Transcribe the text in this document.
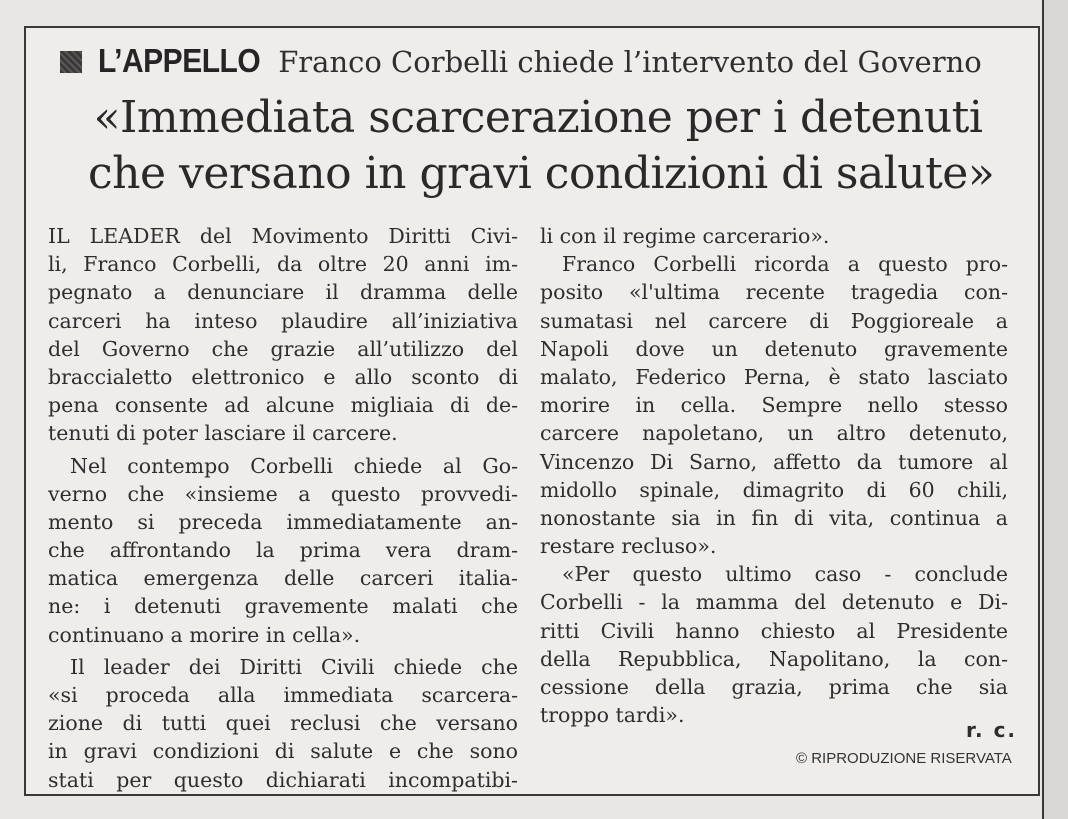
L’APPELLO Franco Corbelli chiede l’intervento del Governo
«Immediata scarcerazione per i detenuti
che versano in gravi condizioni di salute»
IL LEADER del Movimento Diritti Civi-
li, Franco Corbelli, da oltre 20 anni im-
pegnato a denunciare il dramma delle
carceri ha inteso plaudire all’iniziativa
del Governo che grazie all’utilizzo del
braccialetto elettronico e allo sconto di
pena consente ad alcune migliaia di de-
tenuti di poter lasciare il carcere.
Nel contempo Corbelli chiede al Go-
verno che «insieme a questo provvedi-
mento si preceda immediatamente an-
che affrontando la prima vera dram-
matica emergenza delle carceri italia-
ne: i detenuti gravemente malati che
continuano a morire in cella».
Il leader dei Diritti Civili chiede che
«si proceda alla immediata scarcera-
zione di tutti quei reclusi che versano
in gravi condizioni di salute e che sono
stati per questo dichiarati incompatibi-
li con il regime carcerario».
Franco Corbelli ricorda a questo pro-
posito «l'ultima recente tragedia con-
sumatasi nel carcere di Poggioreale a
Napoli dove un detenuto gravemente
malato, Federico Perna, è stato lasciato
morire in cella. Sempre nello stesso
carcere napoletano, un altro detenuto,
Vincenzo Di Sarno, affetto da tumore al
midollo spinale, dimagrito di 60 chili,
nonostante sia in fin di vita, continua a
restare recluso».
«Per questo ultimo caso - conclude
Corbelli - la mamma del detenuto e Di-
ritti Civili hanno chiesto al Presidente
della Repubblica, Napolitano, la con-
cessione della grazia, prima che sia
troppo tardi».
r. c.
© RIPRODUZIONE RISERVATA
